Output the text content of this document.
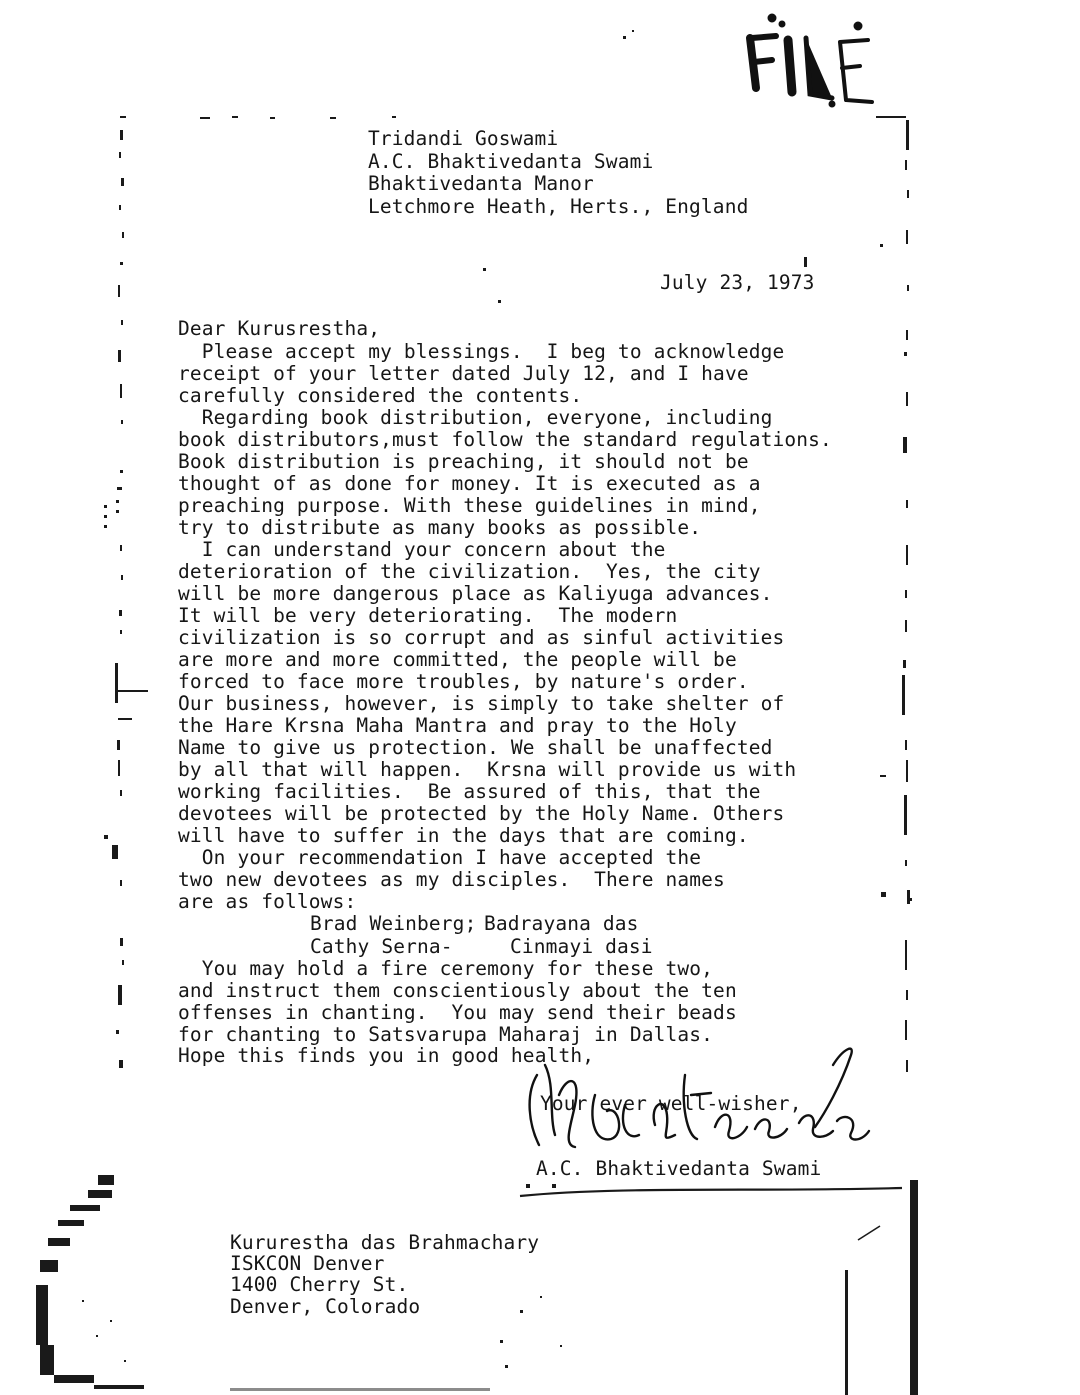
Tridandi Goswami
A.C. Bhaktivedanta Swami
Bhaktivedanta Manor
Letchmore Heath, Herts., England
July 23, 1973
Dear Kurusrestha,
Please accept my blessings.  I beg to acknowledge
receipt of your letter dated July 12, and I have
carefully considered the contents.
Regarding book distribution, everyone, including
book distributors,must follow the standard regulations.
Book distribution is preaching, it should not be
thought of as done for money. It is executed as a
preaching purpose. With these guidelines in mind,
try to distribute as many books as possible.
I can understand your concern about the
deterioration of the civilization.  Yes, the city
will be more dangerous place as Kaliyuga advances.
It will be very deteriorating.  The modern
civilization is so corrupt and as sinful activities
are more and more committed, the people will be
forced to face more troubles, by nature's order.
Our business, however, is simply to take shelter of
the Hare Krsna Maha Mantra and pray to the Holy
Name to give us protection. We shall be unaffected
by all that will happen.  Krsna will provide us with
working facilities.  Be assured of this, that the
devotees will be protected by the Holy Name. Others
will have to suffer in the days that are coming.
On your recommendation I have accepted the
two new devotees as my disciples.  There names
are as follows:
Brad Weinberg; Badrayana das
Cathy Serna-	Cinmayi dasi
You may hold a fire ceremony for these two,
and instruct them conscientiously about the ten
offenses in chanting.  You may send their beads
for chanting to Satsvarupa Maharaj in Dallas.
Hope this finds you in good health,
Your ever well-wisher,
A.C. Bhaktivedanta Swami
Kururestha das Brahmachary
ISKCON Denver
1400 Cherry St.
Denver, Colorado
